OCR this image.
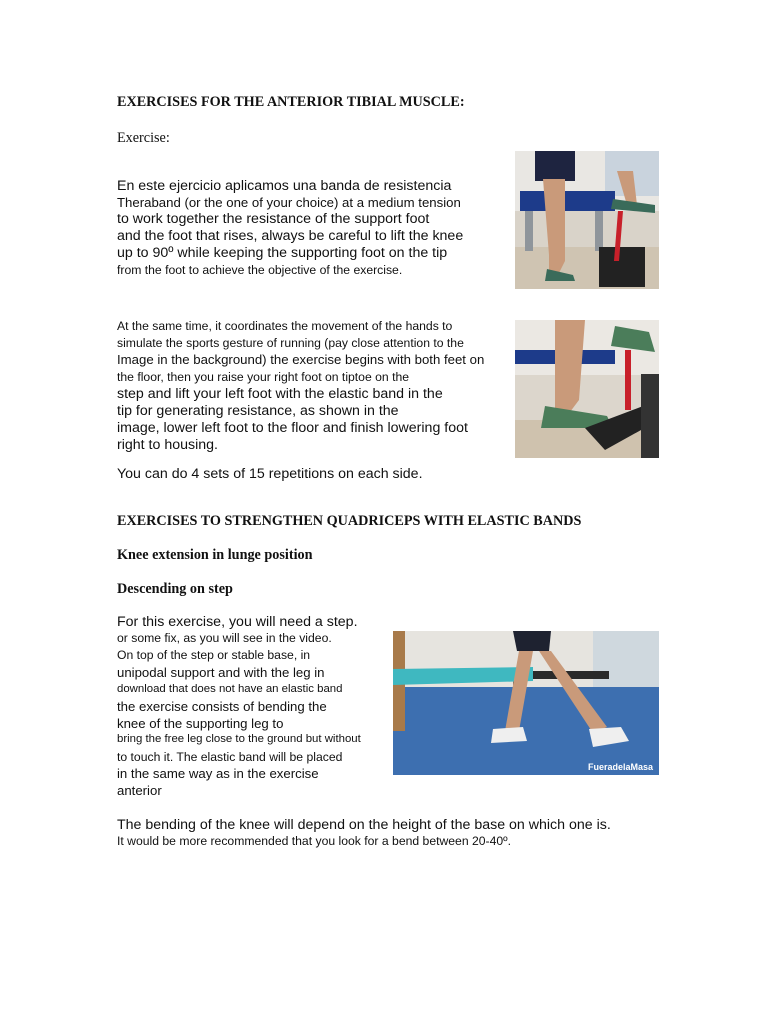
EXERCISES FOR THE ANTERIOR TIBIAL MUSCLE:
Exercise:
En este ejercicio aplicamos una banda de resistencia
Theraband (or the one of your choice) at a medium tension
to work together the resistance of the support foot
and the foot that rises, always be careful to lift the knee
up to 90º while keeping the supporting foot on the tip
from the foot to achieve the objective of the exercise.
At the same time, it coordinates the movement of the hands to
simulate the sports gesture of running (pay close attention to the
Image in the background) the exercise begins with both feet on
the floor, then you raise your right foot on tiptoe on the
step and lift your left foot with the elastic band in the
tip for generating resistance, as shown in the
image, lower left foot to the floor and finish lowering foot
right to housing.
You can do 4 sets of 15 repetitions on each side.
EXERCISES TO STRENGTHEN QUADRICEPS WITH ELASTIC BANDS
Knee extension in lunge position
Descending on step
For this exercise, you will need a step.
or some fix, as you will see in the video.
On top of the step or stable base, in
unipodal support and with the leg in
download that does not have an elastic band
the exercise consists of bending the
knee of the supporting leg to
bring the free leg close to the ground but without
to touch it. The elastic band will be placed
in the same way as in the exercise
anterior
The bending of the knee will depend on the height of the base on which one is.
It would be more recommended that you look for a bend between 20-40º.
FueradelaMasa
